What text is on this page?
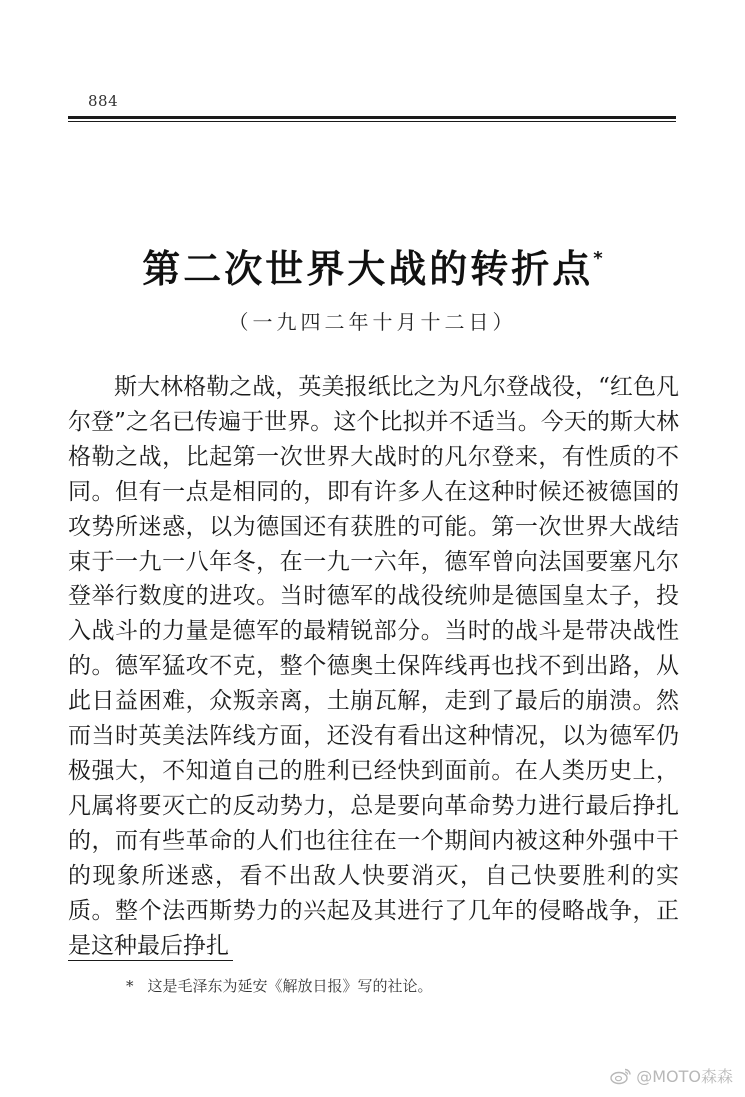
884
第二次世界大战的转折点*
（一九四二年十月十二日）

斯大林格勒之战，英美报纸比之为凡尔登战役，“红色凡尔登”之名已传遍于世界。这个比拟并不适当。今天的斯大林格勒之战，比起第一次世界大战时的凡尔登来，有性质的不同。但有一点是相同的，即有许多人在这种时候还被德国的攻势所迷惑，以为德国还有获胜的可能。第一次世界大战结束于一九一八年冬，在一九一六年，德军曾向法国要塞凡尔登举行数度的进攻。当时德军的战役统帅是德国皇太子，投入战斗的力量是德军的最精锐部分。当时的战斗是带决战性的。德军猛攻不克，整个德奥土保阵线再也找不到出路，从此日益困难，众叛亲离，土崩瓦解，走到了最后的崩溃。然而当时英美法阵线方面，还没有看出这种情况，以为德军仍极强大，不知道自己的胜利已经快到面前。在人类历史上，凡属将要灭亡的反动势力，总是要向革命势力进行最后挣扎的，而有些革命的人们也往往在一个期间内被这种外强中干的现象所迷惑，看不出敌人快要消灭，自己快要胜利的实质。整个法西斯势力的兴起及其进行了几年的侵略战争，正是这种最后挣扎

* 这是毛泽东为延安《解放日报》写的社论。
@MOTO森森
